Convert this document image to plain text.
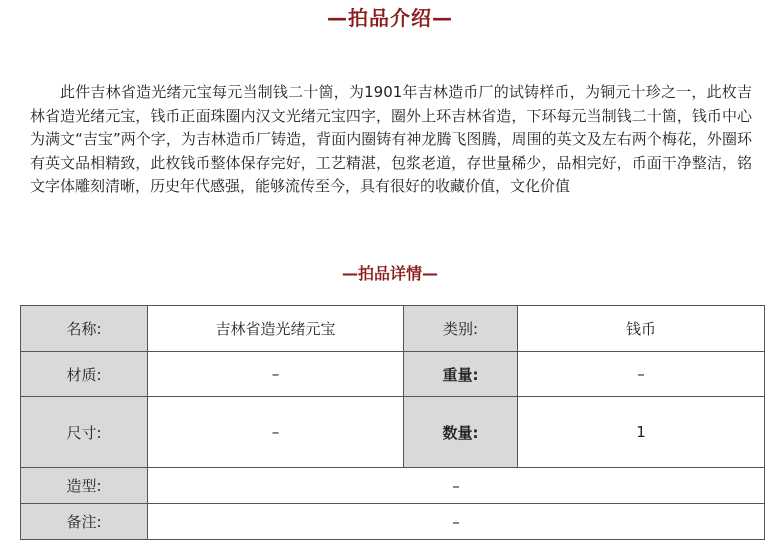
—拍品介绍—

此件吉林省造光绪元宝每元当制钱二十箇，为1901年吉林造币厂的试铸样币，为铜元十珍之一，此枚吉林省造光绪元宝，钱币正面珠圈内汉文光绪元宝四字，圈外上环吉林省造，下环每元当制钱二十箇，钱币中心为满文“吉宝”两个字，为吉林造币厂铸造，背面内圈铸有神龙腾飞图腾，周围的英文及左右两个梅花，外圈环有英文品相精致，此枚钱币整体保存完好，工艺精湛，包浆老道，存世量稀少，品相完好，币面干净整洁，铭文字体雕刻清晰，历史年代感强，能够流传至今，具有很好的收藏价值，文化价值

—拍品详情—
名称:	吉林省造光绪元宝	类别:	钱币
材质:	–	重量:	–
尺寸:	–	数量:	1
造型:	–		
备注:	–		
